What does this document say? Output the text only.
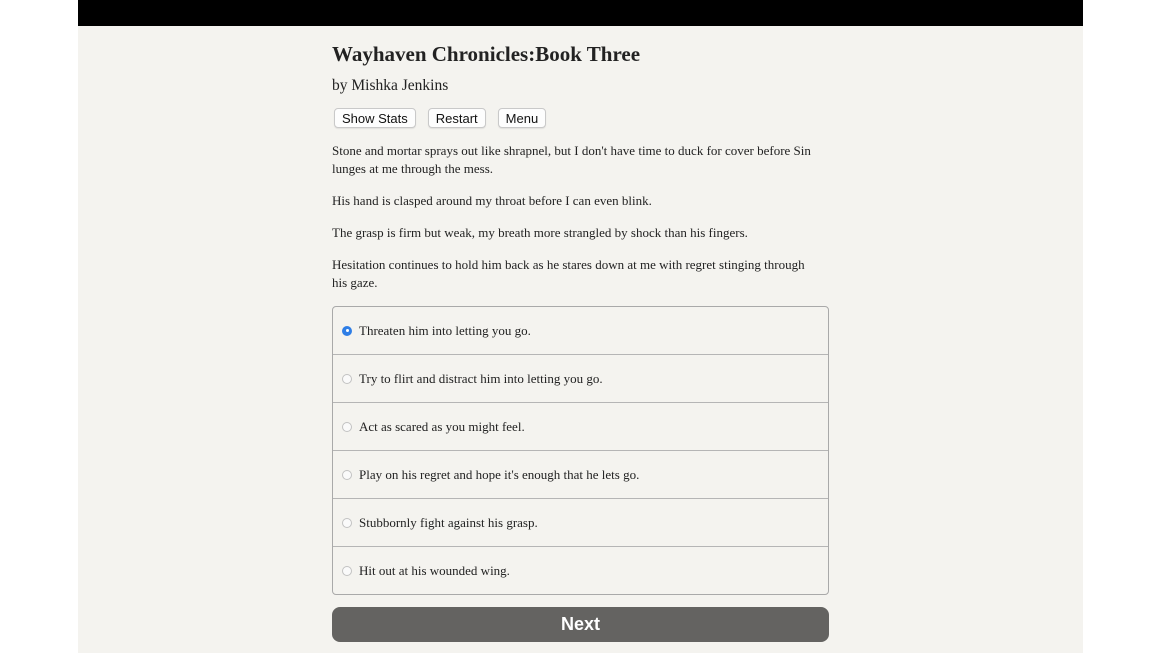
Wayhaven Chronicles:Book Three
by Mishka Jenkins
Show Stats	Restart	Menu

Stone and mortar sprays out like shrapnel, but I don't have time to duck for cover before Sin lunges at me through the mess.

His hand is clasped around my throat before I can even blink.

The grasp is firm but weak, my breath more strangled by shock than his fingers.

Hesitation continues to hold him back as he stares down at me with regret stinging through his gaze.

Threaten him into letting you go.
Try to flirt and distract him into letting you go.
Act as scared as you might feel.
Play on his regret and hope it's enough that he lets go.
Stubbornly fight against his grasp.
Hit out at his wounded wing.
Next
